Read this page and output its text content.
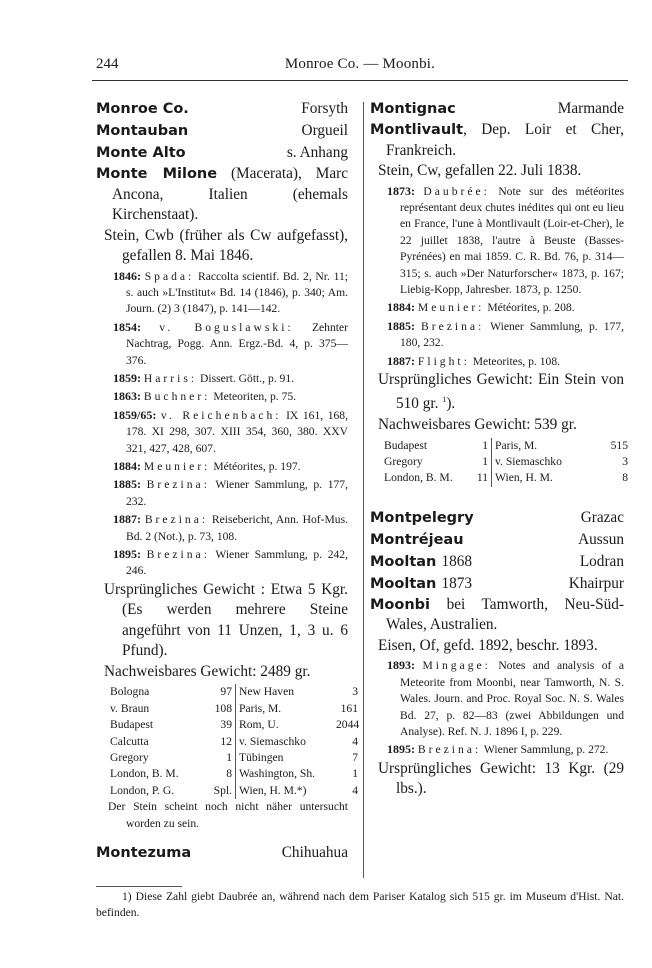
244	Monroe Co. — Moonbi.
Monroe Co.	Forsyth
Montauban	Orgueil
Monte Alto	s. Anhang
Monte Milone (Macerata), Marc Ancona, Italien (ehemals Kirchenstaat).
Stein, Cwb (früher als Cw aufgefasst), gefallen 8. Mai 1846.
1846: Spada: Raccolta scientif. Bd. 2, Nr. 11; s. auch »L'Institut« Bd. 14 (1846), p. 340; Am. Journ. (2) 3 (1847), p. 141—142.
1854: v. Boguslawski: Zehnter Nachtrag, Pogg. Ann. Ergz.-Bd. 4, p. 375—376.
1859: Harris: Dissert. Gött., p. 91.
1863: Buchner: Meteoriten, p. 75.
1859/65: v. Reichenbach: IX 161, 168, 178. XI 298, 307. XIII 354, 360, 380. XXV 321, 427, 428, 607.
1884: Meunier: Météorites, p. 197.
1885: Brezina: Wiener Sammlung, p. 177, 232.
1887: Brezina: Reisebericht, Ann. Hof-Mus. Bd. 2 (Not.), p. 73, 108.
1895: Brezina: Wiener Sammlung, p. 242, 246.
Ursprüngliches Gewicht : Etwa 5 Kgr. (Es werden mehrere Steine angeführt von 11 Unzen, 1, 3 u. 6 Pfund).
Nachweisbares Gewicht: 2489 gr.
Bologna	97 New Haven	3
v. Braun	108 Paris, M.	161
Budapest	39 Rom, U.	2044
Calcutta	12 v. Siemaschko	4
Gregory	1 Tübingen	7
London, B. M.	8 Washington, Sh.	1
London, P. G.	Spl. Wien, H. M.*)	4
Der Stein scheint noch nicht näher untersucht worden zu sein.
Montezuma	Chihuahua
Montignac	Marmande
Montlivault, Dep. Loir et Cher, Frankreich.
Stein, Cw, gefallen 22. Juli 1838.
1873: Daubrée: Note sur des météorites représentant deux chutes inédites qui ont eu lieu en France, l'une à Montlivault (Loir-et-Cher), le 22 juillet 1838, l'autre à Beuste (Basses-Pyrénées) en mai 1859. C. R. Bd. 76, p. 314—315; s. auch »Der Naturforscher« 1873, p. 167; Liebig-Kopp, Jahresber. 1873, p. 1250.
1884: Meunier: Météorites, p. 208.
1885: Brezina: Wiener Sammlung, p. 177, 180, 232.
1887: Flight: Meteorites, p. 108.
Ursprüngliches Gewicht: Ein Stein von 510 gr. $^1$).
Nachweisbares Gewicht: 539 gr.
Budapest	1 Paris, M.	515
Gregory	1 v. Siemaschko	3
London, B. M.	11 Wien, H. M.	8
Montpelegry	Grazac
Montréjeau	Aussun
Mooltan 1868	Lodran
Mooltan 1873	Khairpur
Moonbi bei Tamworth, Neu-Süd-Wales, Australien.
Eisen, Of, gefd. 1892, beschr. 1893.
1893: Mingage: Notes and analysis of a Meteorite from Moonbi, near Tamworth, N. S. Wales. Journ. and Proc. Royal Soc. N. S. Wales Bd. 27, p. 82—83 (zwei Abbildungen und Analyse). Ref. N. J. 1896 I, p. 229.
1895: Brezina: Wiener Sammlung, p. 272.
Ursprüngliches Gewicht: 13 Kgr. (29 lbs.).
1) Diese Zahl giebt Daubrée an, während nach dem Pariser Katalog sich 515 gr. im Museum d'Hist. Nat. befinden.
